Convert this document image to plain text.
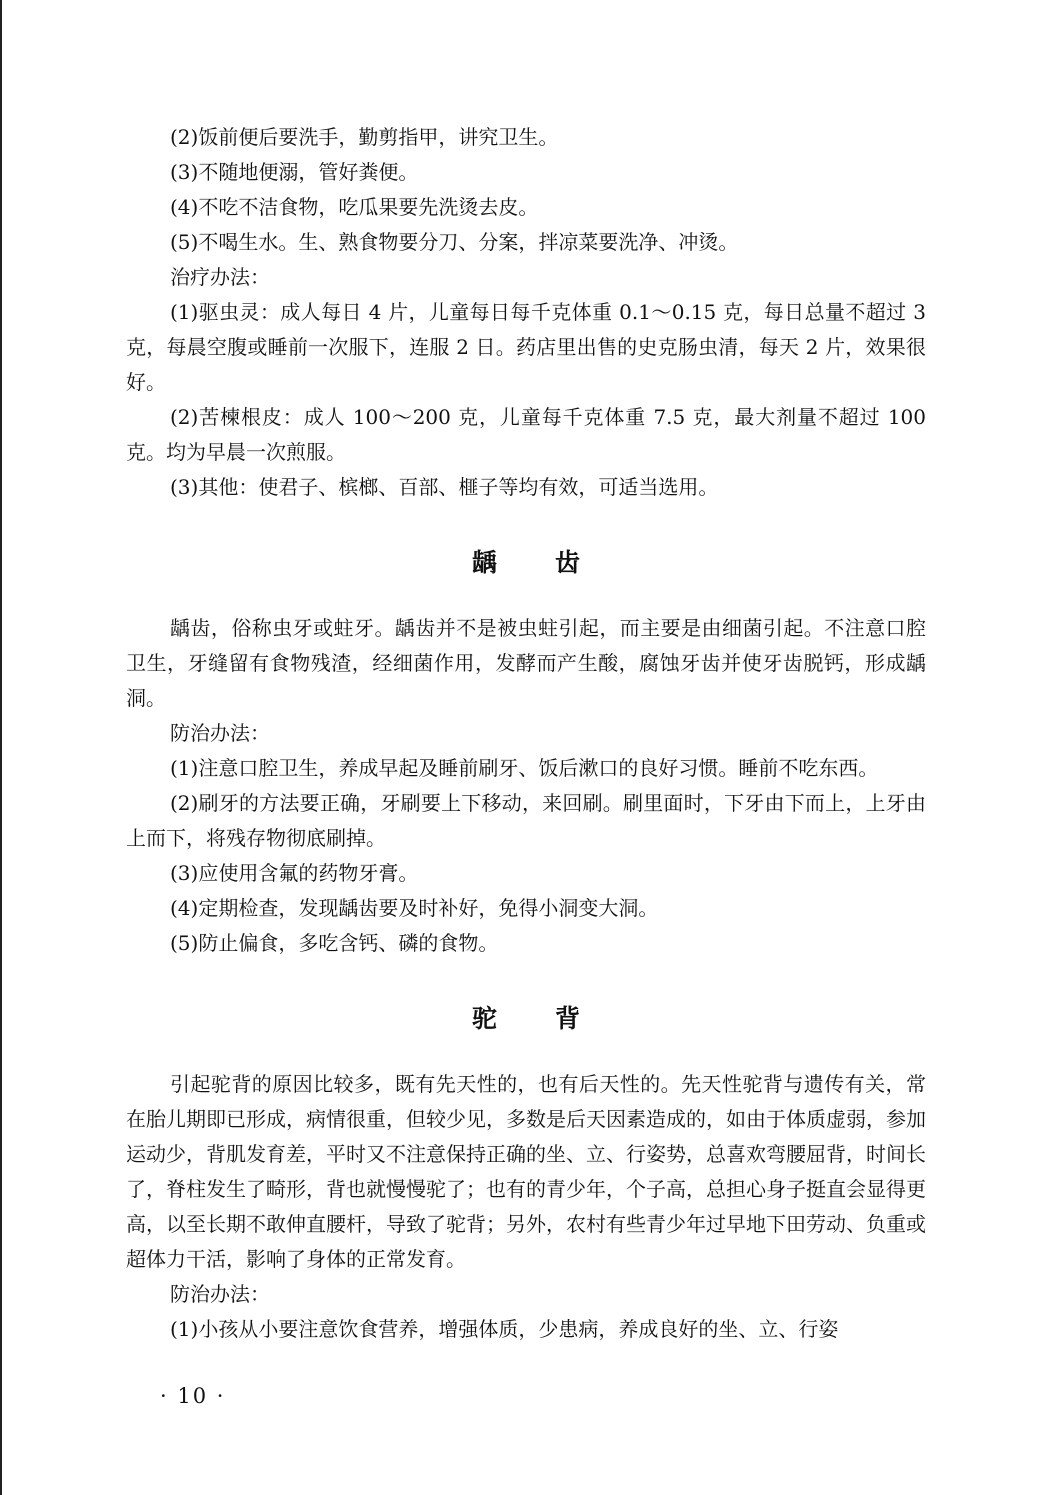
(2)饭前便后要洗手，勤剪指甲，讲究卫生。

(3)不随地便溺，管好粪便。

(4)不吃不洁食物，吃瓜果要先洗烫去皮。

(5)不喝生水。生、熟食物要分刀、分案，拌凉菜要洗净、冲烫。

治疗办法：

(1)驱虫灵：成人每日 4 片，儿童每日每千克体重 0.1～0.15 克，每日总量不超过 3 克，每晨空腹或睡前一次服下，连服 2 日。药店里出售的史克肠虫清，每天 2 片，效果很好。

(2)苦楝根皮：成人 100～200 克，儿童每千克体重 7.5 克，最大剂量不超过 100 克。均为早晨一次煎服。

(3)其他：使君子、槟榔、百部、榧子等均有效，可适当选用。

龋齿

龋齿，俗称虫牙或蛀牙。龋齿并不是被虫蛀引起，而主要是由细菌引起。不注意口腔卫生，牙缝留有食物残渣，经细菌作用，发酵而产生酸，腐蚀牙齿并使牙齿脱钙，形成龋洞。

防治办法：

(1)注意口腔卫生，养成早起及睡前刷牙、饭后漱口的良好习惯。睡前不吃东西。

(2)刷牙的方法要正确，牙刷要上下移动，来回刷。刷里面时，下牙由下而上，上牙由上而下，将残存物彻底刷掉。

(3)应使用含氟的药物牙膏。

(4)定期检查，发现龋齿要及时补好，免得小洞变大洞。

(5)防止偏食，多吃含钙、磷的食物。

驼背

引起驼背的原因比较多，既有先天性的，也有后天性的。先天性驼背与遗传有关，常在胎儿期即已形成，病情很重，但较少见，多数是后天因素造成的，如由于体质虚弱，参加运动少，背肌发育差，平时又不注意保持正确的坐、立、行姿势，总喜欢弯腰屈背，时间长了，脊柱发生了畸形，背也就慢慢驼了；也有的青少年，个子高，总担心身子挺直会显得更高，以至长期不敢伸直腰杆，导致了驼背；另外，农村有些青少年过早地下田劳动、负重或超体力干活，影响了身体的正常发育。

防治办法：

(1)小孩从小要注意饮食营养，增强体质，少患病，养成良好的坐、立、行姿

· 10 ·
